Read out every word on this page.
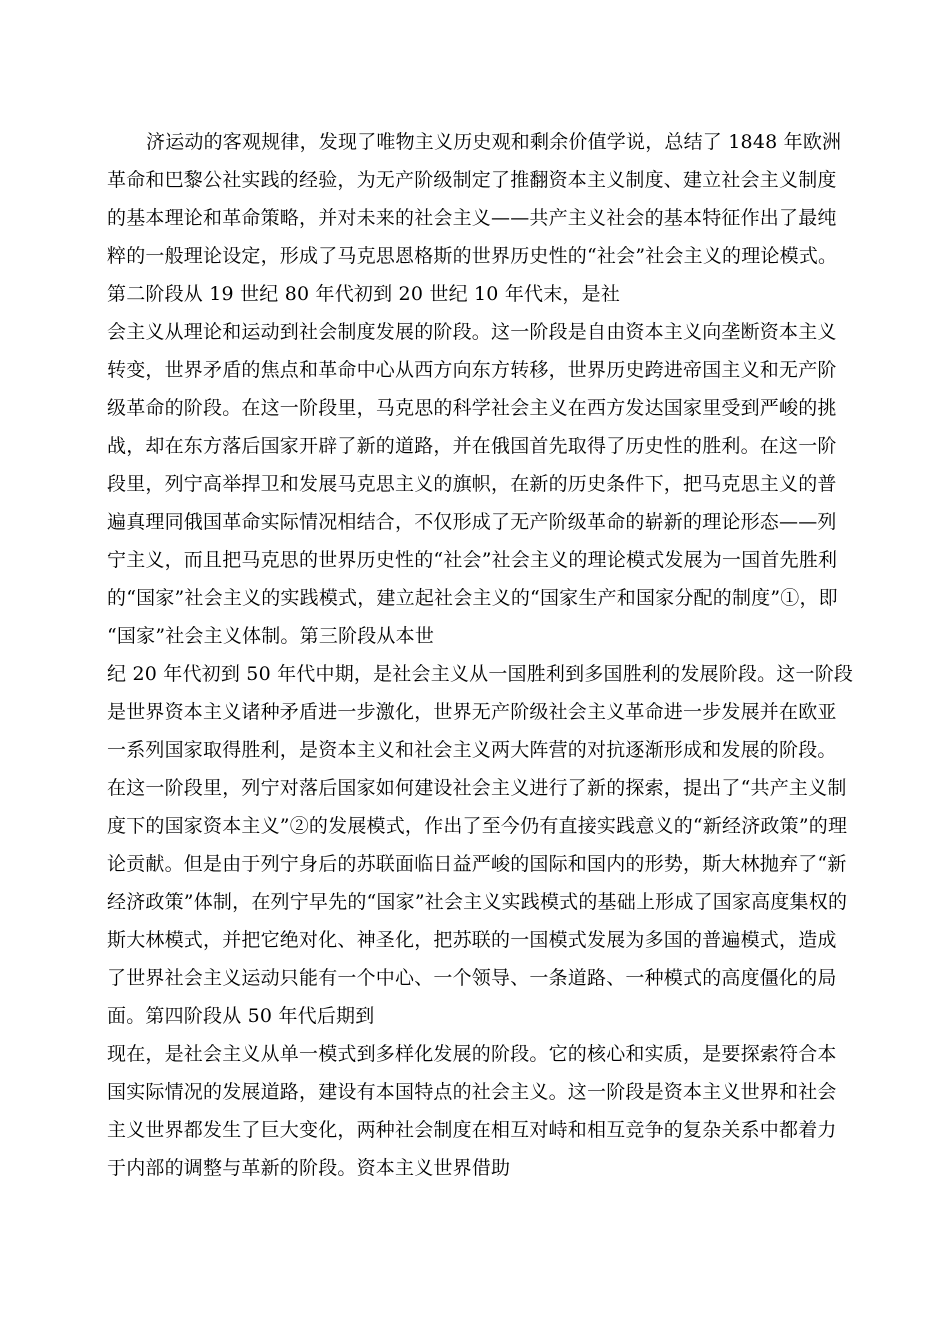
济运动的客观规律，发现了唯物主义历史观和剩余价值学说，总结了 1848 年欧洲
革命和巴黎公社实践的经验，为无产阶级制定了推翻资本主义制度、建立社会主义制度
的基本理论和革命策略，并对未来的社会主义——共产主义社会的基本特征作出了最纯
粹的一般理论设定，形成了马克思恩格斯的世界历史性的“社会”社会主义的理论模式。
第二阶段从 19 世纪 80 年代初到 20 世纪 10 年代末，是社
会主义从理论和运动到社会制度发展的阶段。这一阶段是自由资本主义向垄断资本主义
转变，世界矛盾的焦点和革命中心从西方向东方转移，世界历史跨进帝国主义和无产阶
级革命的阶段。在这一阶段里，马克思的科学社会主义在西方发达国家里受到严峻的挑
战，却在东方落后国家开辟了新的道路，并在俄国首先取得了历史性的胜利。在这一阶
段里，列宁高举捍卫和发展马克思主义的旗帜，在新的历史条件下，把马克思主义的普
遍真理同俄国革命实际情况相结合，不仅形成了无产阶级革命的崭新的理论形态——列
宁主义，而且把马克思的世界历史性的“社会”社会主义的理论模式发展为一国首先胜利
的“国家”社会主义的实践模式，建立起社会主义的“国家生产和国家分配的制度”①，即
“国家”社会主义体制。第三阶段从本世
纪 20 年代初到 50 年代中期，是社会主义从一国胜利到多国胜利的发展阶段。这一阶段
是世界资本主义诸种矛盾进一步激化，世界无产阶级社会主义革命进一步发展并在欧亚
一系列国家取得胜利，是资本主义和社会主义两大阵营的对抗逐渐形成和发展的阶段。
在这一阶段里，列宁对落后国家如何建设社会主义进行了新的探索，提出了“共产主义制
度下的国家资本主义”②的发展模式，作出了至今仍有直接实践意义的“新经济政策”的理
论贡献。但是由于列宁身后的苏联面临日益严峻的国际和国内的形势，斯大林抛弃了“新
经济政策”体制，在列宁早先的“国家”社会主义实践模式的基础上形成了国家高度集权的
斯大林模式，并把它绝对化、神圣化，把苏联的一国模式发展为多国的普遍模式，造成
了世界社会主义运动只能有一个中心、一个领导、一条道路、一种模式的高度僵化的局
面。第四阶段从 50 年代后期到
现在，是社会主义从单一模式到多样化发展的阶段。它的核心和实质，是要探索符合本
国实际情况的发展道路，建设有本国特点的社会主义。这一阶段是资本主义世界和社会
主义世界都发生了巨大变化，两种社会制度在相互对峙和相互竞争的复杂关系中都着力
于内部的调整与革新的阶段。资本主义世界借助
